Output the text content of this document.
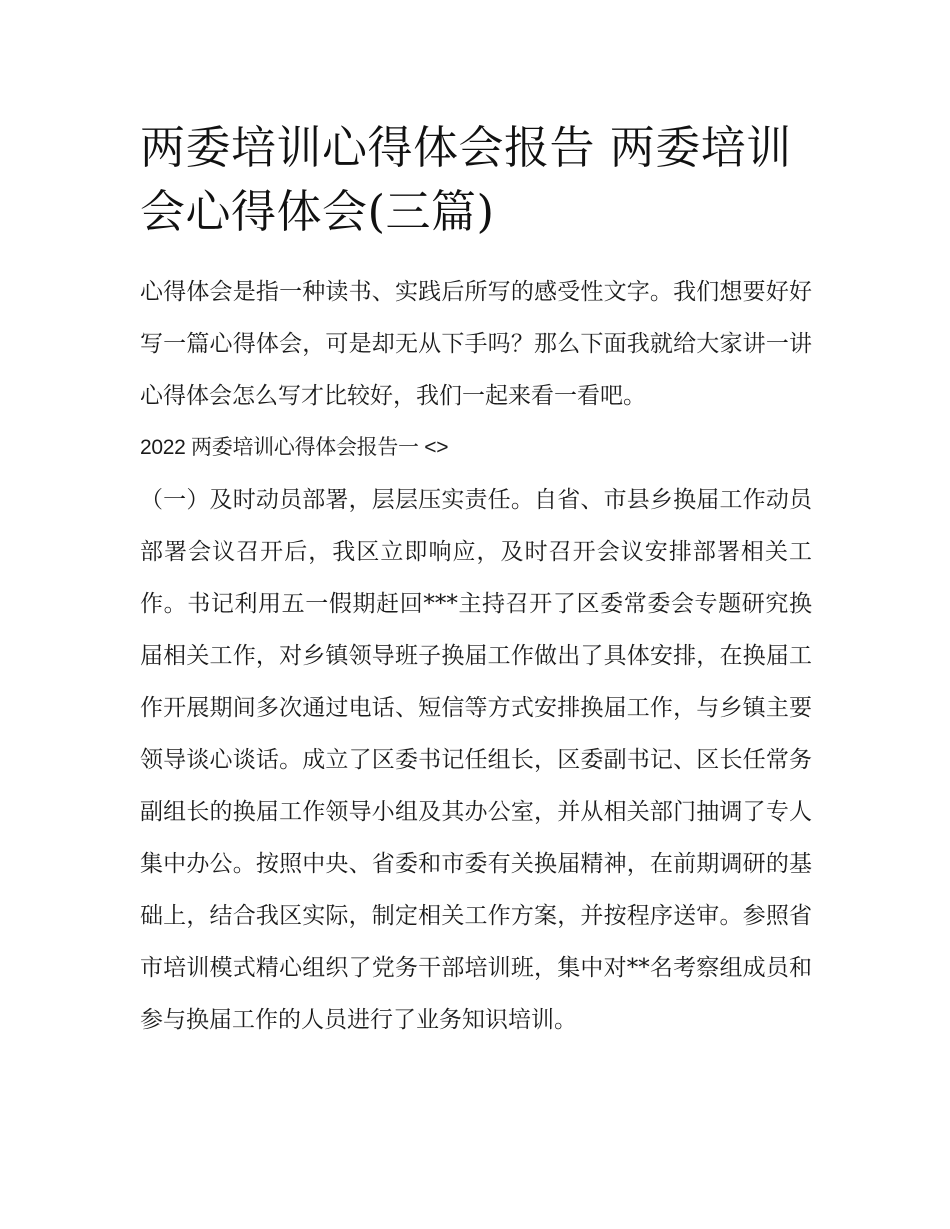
两委培训心得体会报告 两委培训会心得体会(三篇)

心得体会是指一种读书、实践后所写的感受性文字。我们想要好好写一篇心得体会，可是却无从下手吗？那么下面我就给大家讲一讲心得体会怎么写才比较好，我们一起来看一看吧。

2022 两委培训心得体会报告一 <>

（一）及时动员部署，层层压实责任。自省、市县乡换届工作动员部署会议召开后，我区立即响应，及时召开会议安排部署相关工作。书记利用五一假期赶回***主持召开了区委常委会专题研究换届相关工作，对乡镇领导班子换届工作做出了具体安排，在换届工作开展期间多次通过电话、短信等方式安排换届工作，与乡镇主要领导谈心谈话。成立了区委书记任组长，区委副书记、区长任常务副组长的换届工作领导小组及其办公室，并从相关部门抽调了专人集中办公。按照中央、省委和市委有关换届精神，在前期调研的基础上，结合我区实际，制定相关工作方案，并按程序送审。参照省市培训模式精心组织了党务干部培训班，集中对**名考察组成员和参与换届工作的人员进行了业务知识培训。
